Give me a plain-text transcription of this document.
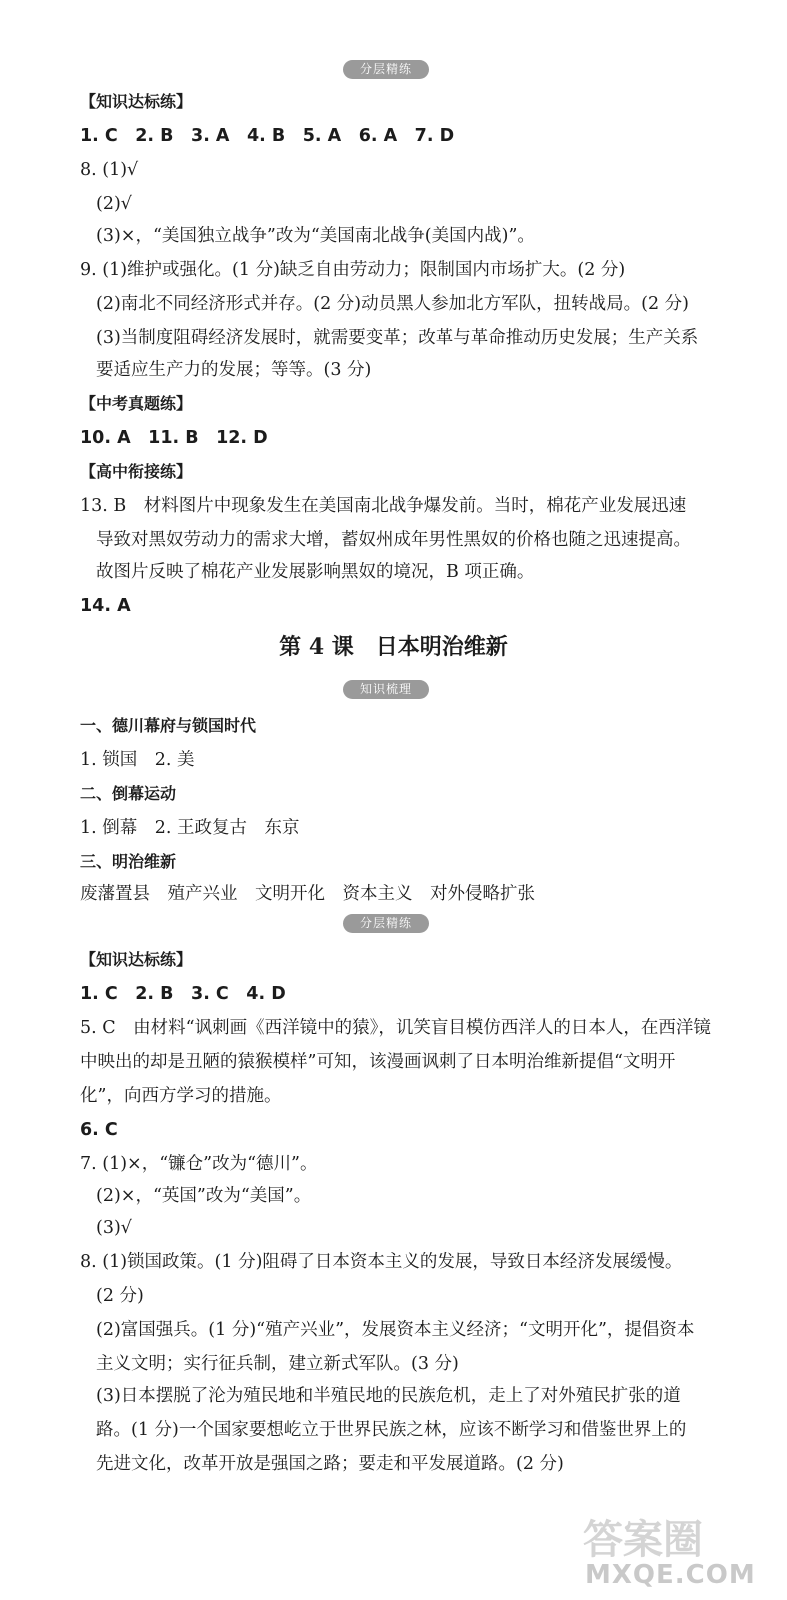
分层精练
【知识达标练】
1. C　2. B　3. A　4. B　5. A　6. A　7. D
8. (1)√
(2)√
(3)×，“美国独立战争”改为“美国南北战争(美国内战)”。
9. (1)维护或强化。(1 分)缺乏自由劳动力；限制国内市场扩大。(2 分)
(2)南北不同经济形式并存。(2 分)动员黑人参加北方军队，扭转战局。(2 分)
(3)当制度阻碍经济发展时，就需要变革；改革与革命推动历史发展；生产关系
要适应生产力的发展；等等。(3 分)
【中考真题练】
10. A　11. B　12. D
【高中衔接练】
13. B　材料图片中现象发生在美国南北战争爆发前。当时，棉花产业发展迅速
导致对黑奴劳动力的需求大增，蓄奴州成年男性黑奴的价格也随之迅速提高。
故图片反映了棉花产业发展影响黑奴的境况，B 项正确。
14. A
第 4 课　日本明治维新
知识梳理
一、德川幕府与锁国时代
1. 锁国　2. 美
二、倒幕运动
1. 倒幕　2. 王政复古　东京
三、明治维新
废藩置县　殖产兴业　文明开化　资本主义　对外侵略扩张
分层精练
【知识达标练】
1. C　2. B　3. C　4. D
5. C　由材料“讽刺画《西洋镜中的猿》，讥笑盲目模仿西洋人的日本人，在西洋镜
中映出的却是丑陋的猿猴模样”可知，该漫画讽刺了日本明治维新提倡“文明开
化”，向西方学习的措施。
6. C
7. (1)×，“镰仓”改为“德川”。
(2)×，“英国”改为“美国”。
(3)√
8. (1)锁国政策。(1 分)阻碍了日本资本主义的发展，导致日本经济发展缓慢。
(2 分)
(2)富国强兵。(1 分)“殖产兴业”，发展资本主义经济；“文明开化”，提倡资本
主义文明；实行征兵制，建立新式军队。(3 分)
(3)日本摆脱了沦为殖民地和半殖民地的民族危机，走上了对外殖民扩张的道
路。(1 分)一个国家要想屹立于世界民族之林，应该不断学习和借鉴世界上的
先进文化，改革开放是强国之路；要走和平发展道路。(2 分)
答案圈
MXQE.COM
